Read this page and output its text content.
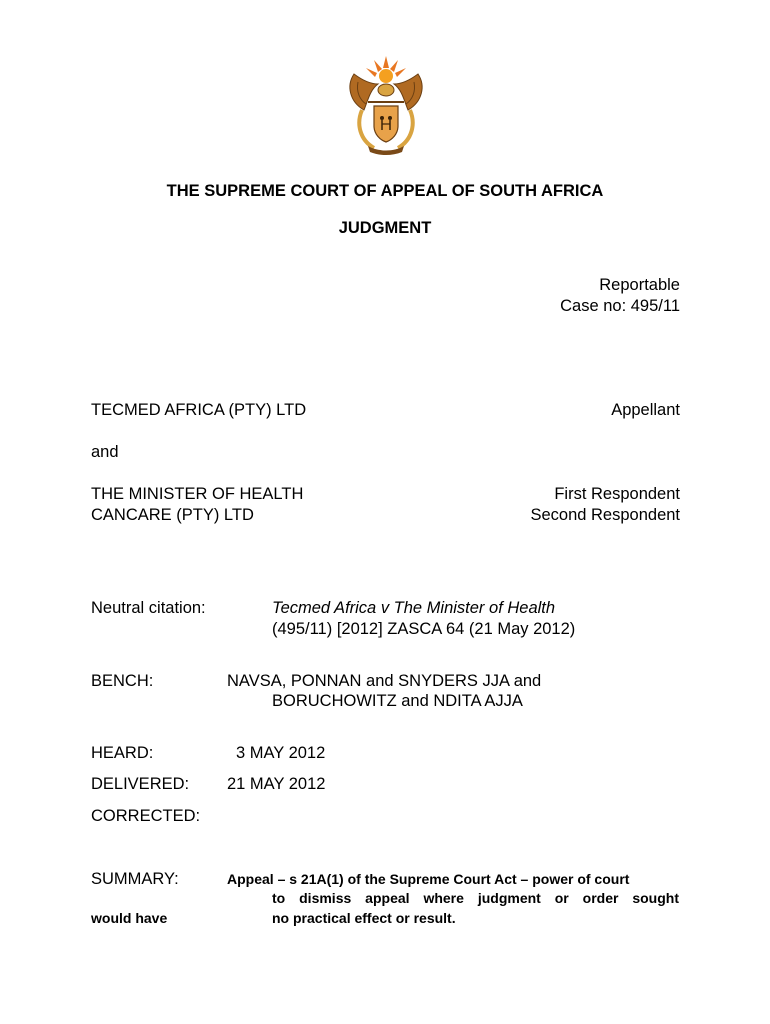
THE SUPREME COURT OF APPEAL OF SOUTH AFRICA
JUDGMENT
Reportable
Case no: 495/11
TECMED AFRICA (PTY) LTD	Appellant
and
THE MINISTER OF HEALTH	First Respondent
CANCARE (PTY) LTD	Second Respondent
Neutral citation:	Tecmed Africa v The Minister of Health
(495/11) [2012] ZASCA 64 (21 May 2012)
BENCH:	NAVSA, PONNAN and SNYDERS JJA and
BORUCHOWITZ and NDITA AJJA
HEARD:	3 MAY 2012
DELIVERED: 21 MAY 2012
CORRECTED:
SUMMARY:	Appeal – s 21A(1) of the Supreme Court Act – power of court
to dismiss appeal where judgment or order sought
would have	no practical effect or result.
